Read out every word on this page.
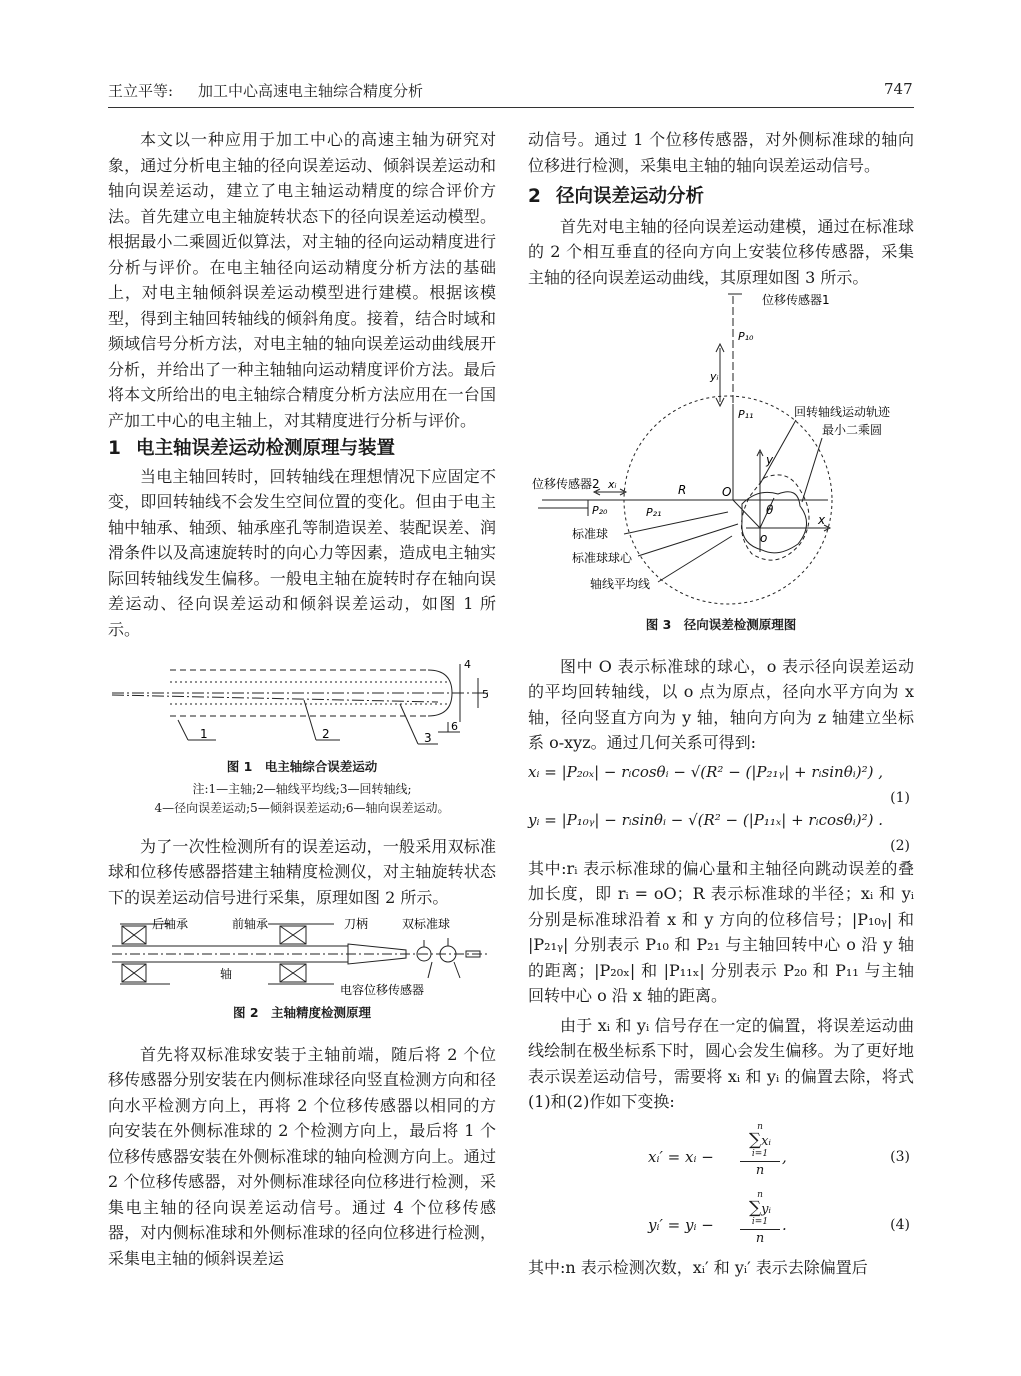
王立平等: 加工中心高速电主轴综合精度分析	747

本文以一种应用于加工中心的高速主轴为研究对象，通过分析电主轴的径向误差运动、倾斜误差运动和轴向误差运动，建立了电主轴运动精度的综合评价方法。首先建立电主轴旋转状态下的径向误差运动模型。根据最小二乘圆近似算法，对主轴的径向运动精度进行分析与评价。在电主轴径向运动精度分析方法的基础上，对电主轴倾斜误差运动模型进行建模。根据该模型，得到主轴回转轴线的倾斜角度。接着，结合时域和频域信号分析方法，对电主轴的轴向误差运动曲线展开分析，并给出了一种主轴轴向运动精度评价方法。最后将本文所给出的电主轴综合精度分析方法应用在一台国产加工中心的电主轴上，对其精度进行分析与评价。

1 电主轴误差运动检测原理与装置

当电主轴回转时，回转轴线在理想情况下应固定不变，即回转轴线不会发生空间位置的变化。但由于电主轴中轴承、轴颈、轴承座孔等制造误差、装配误差、润滑条件以及高速旋转时的向心力等因素，造成电主轴实际回转轴线发生偏移。一般电主轴在旋转时存在轴向误差运动、径向误差运动和倾斜误差运动，如图 1 所示。

1	2	3
4
5
6
图 1　电主轴综合误差运动
注:1—主轴;2—轴线平均线;3—回转轴线;
4—径向误差运动;5—倾斜误差运动;6—轴向误差运动。

为了一次性检测所有的误差运动，一般采用双标准球和位移传感器搭建主轴精度检测仪，对主轴旋转状态下的误差运动信号进行采集，原理如图 2 所示。

后轴承	前轴承	刀柄	双标准球
轴
电容位移传感器
图 2　主轴精度检测原理

首先将双标准球安装于主轴前端，随后将 2 个位移传感器分别安装在内侧标准球径向竖直检测方向和径向水平检测方向上，再将 2 个位移传感器以相同的方向安装在外侧标准球的 2 个检测方向上，最后将 1 个位移传感器安装在外侧标准球的轴向检测方向上。通过 2 个位移传感器，对外侧标准球径向位移进行检测，采集电主轴的径向误差运动信号。通过 4 个位移传感器，对内侧标准球和外侧标准球的径向位移进行检测，采集电主轴的倾斜误差运

动信号。通过 1 个位移传感器，对外侧标准球的轴向位移进行检测，采集电主轴的轴向误差运动信号。

2 径向误差运动分析

首先对电主轴的径向误差运动建模，通过在标准球的 2 个相互垂直的径向方向上安装位移传感器，采集主轴的径向误差运动曲线，其原理如图 3 所示。

位移传感器1
位移传感器2
回转轴线运动轨迹
最小二乘圆
标准球
标准球球心
轴线平均线
P₁₀
P₁₁
P₂₀	P₂₁
O
o
R
x
y
θ
xᵢ
yᵢ
图 3　径向误差检测原理图

图中 O 表示标准球的球心，o 表示径向误差运动的平均回转轴线，以 o 点为原点，径向水平方向为 x 轴，径向竖直方向为 y 轴，轴向方向为 z 轴建立坐标系 o-xyz。通过几何关系可得到:

xᵢ = |P₂₀ₓ| − rᵢcosθᵢ − √(R² − (|P₂₁ᵧ| + rᵢsinθᵢ)²) ,
(1)
yᵢ = |P₁₀ᵧ| − rᵢsinθᵢ − √(R² − (|P₁₁ₓ| + rᵢcosθᵢ)²) .
(2)

其中:rᵢ 表示标准球的偏心量和主轴径向跳动误差的叠加长度，即 rᵢ = oO；R 表示标准球的半径；xᵢ 和 yᵢ 分别是标准球沿着 x 和 y 方向的位移信号；|P₁₀ᵧ| 和 |P₂₁ᵧ| 分别表示 P₁₀ 和 P₂₁ 与主轴回转中心 o 沿 y 轴的距离；|P₂₀ₓ| 和 |P₁₁ₓ| 分别表示 P₂₀ 和 P₁₁ 与主轴回转中心 o 沿 x 轴的距离。

由于 xᵢ 和 yᵢ 信号存在一定的偏置，将误差运动曲线绘制在极坐标系下时，圆心会发生偏移。为了更好地表示误差运动信号，需要将 xᵢ 和 yᵢ 的偏置去除，将式(1)和(2)作如下变换:

xᵢ′ = xᵢ −
n
∑xᵢ
i=1
n
,	(3)
yᵢ′ = yᵢ −
n
∑yᵢ
i=1
n
.	(4)

其中:n 表示检测次数，xᵢ′ 和 yᵢ′ 表示去除偏置后
